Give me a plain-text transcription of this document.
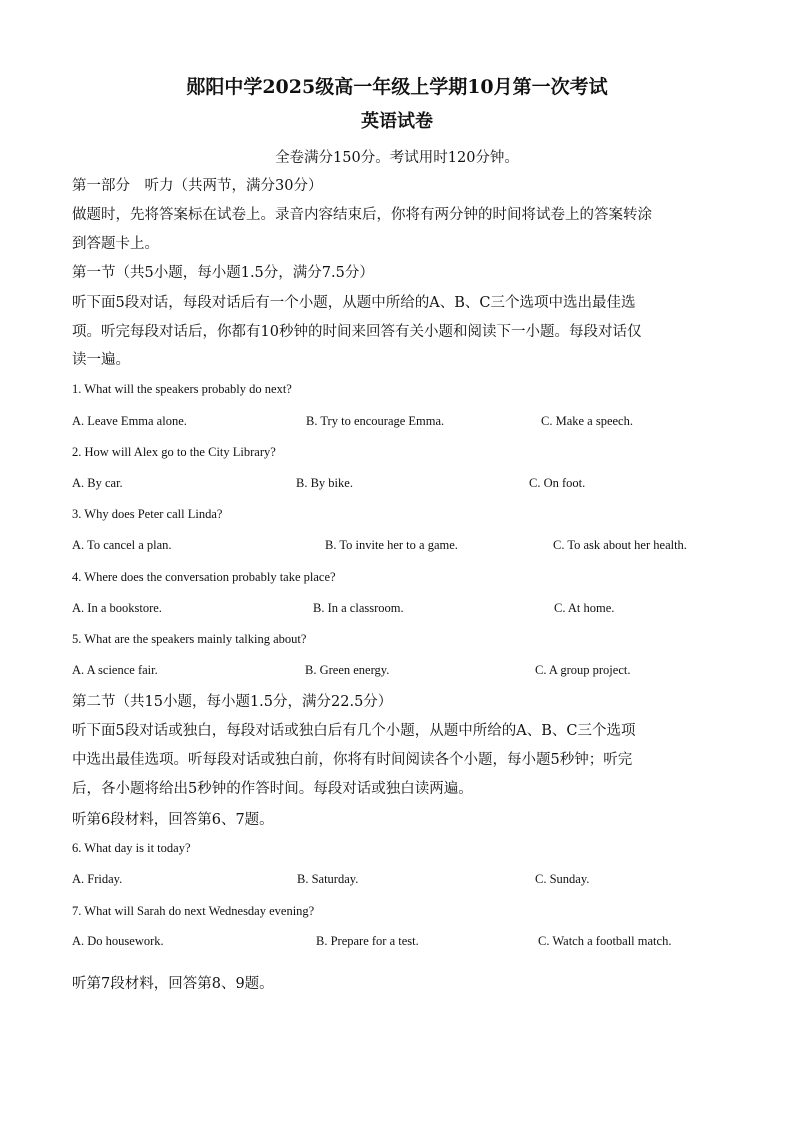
郧阳中学2025级高一年级上学期10月第一次考试
英语试卷
全卷满分150分。考试用时120分钟。
第一部分　听力（共两节，满分30分）
做题时，先将答案标在试卷上。录音内容结束后，你将有两分钟的时间将试卷上的答案转涂
到答题卡上。
第一节（共5小题，每小题1.5分，满分7.5分）
听下面5段对话，每段对话后有一个小题，从题中所给的A、B、C三个选项中选出最佳选
项。听完每段对话后，你都有10秒钟的时间来回答有关小题和阅读下一小题。每段对话仅
读一遍。
1. What will the speakers probably do next?
A. Leave Emma alone.	B. Try to encourage Emma.	C. Make a speech.
2. How will Alex go to the City Library?
A. By car.	B. By bike.	C. On foot.
3. Why does Peter call Linda?
A. To cancel a plan.	B. To invite her to a game.	C. To ask about her health.
4. Where does the conversation probably take place?
A. In a bookstore.	B. In a classroom.	C. At home.
5. What are the speakers mainly talking about?
A. A science fair.	B. Green energy.	C. A group project.
第二节（共15小题，每小题1.5分，满分22.5分）
听下面5段对话或独白，每段对话或独白后有几个小题，从题中所给的A、B、C三个选项
中选出最佳选项。听每段对话或独白前，你将有时间阅读各个小题，每小题5秒钟；听完
后，各小题将给出5秒钟的作答时间。每段对话或独白读两遍。
听第6段材料，回答第6、7题。
6. What day is it today?
A. Friday.	B. Saturday.	C. Sunday.
7. What will Sarah do next Wednesday evening?
A. Do housework.	B. Prepare for a test.	C. Watch a football match.
听第7段材料，回答第8、9题。
